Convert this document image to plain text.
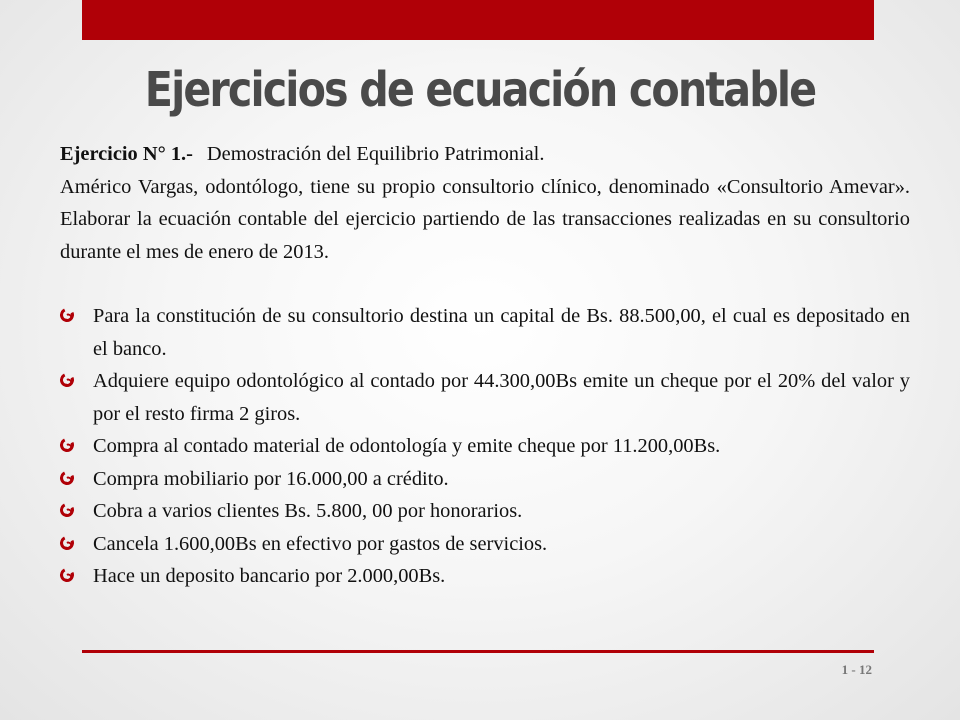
Ejercicios de ecuación contable

Ejercicio N° 1.- Demostración del Equilibrio Patrimonial.
Américo Vargas, odontólogo, tiene su propio consultorio clínico, denominado «Consultorio Amevar». Elaborar la ecuación contable del ejercicio partiendo de las transacciones realizadas en su consultorio durante el mes de enero de 2013.

Para la constitución de su consultorio destina un capital de Bs. 88.500,00, el cual es depositado en el banco.
Adquiere equipo odontológico al contado por 44.300,00Bs emite un cheque por el 20% del valor y por el resto firma 2 giros.
Compra al contado material de odontología y emite cheque por 11.200,00Bs.
Compra mobiliario por 16.000,00 a crédito.
Cobra a varios clientes Bs. 5.800, 00 por honorarios.
Cancela 1.600,00Bs en efectivo por gastos de servicios.
Hace un deposito bancario por 2.000,00Bs.
1 - 12
